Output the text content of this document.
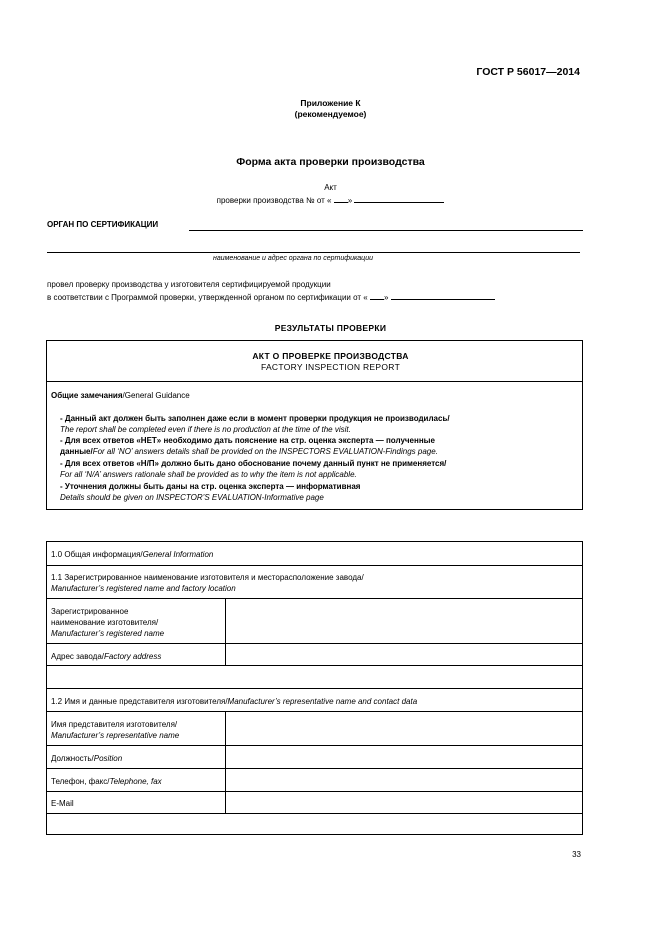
ГОСТ Р 56017—2014
Приложение К
(рекомендуемое)
Форма акта проверки производства
Акт
проверки производства № от « »
ОРГАН ПО СЕРТИФИКАЦИИ
наименование и адрес органа по сертификации
провел проверку производства у изготовителя сертифицируемой продукции
в соответствии с Программой проверки, утвержденной органом по сертификации от « »
РЕЗУЛЬТАТЫ ПРОВЕРКИ
АКТ О ПРОВЕРКЕ ПРОИЗВОДСТВА
FACTORY INSPECTION REPORT
Общие замечания/General Guidance
- Данный акт должен быть заполнен даже если в момент проверки продукция не производилась/
The report shall be completed even if there is no production at the time of the visit.
- Для всех ответов «НЕТ» необходимо дать пояснение на стр. оценка эксперта — полученные
данные/For all ‘NO’ answers details shall be provided on the INSPECTORS EVALUATION-Findings page.
- Для всех ответов «Н/П» должно быть дано обоснование почему данный пункт не применяется/
For all ‘N/A’ answers rationale shall be provided as to why the item is not applicable.
- Уточнения должны быть даны на стр. оценка эксперта — информативная
Details should be given on INSPECTOR’S EVALUATION-Informative page
1.0 Общая информация/General Information
1.1 Зарегистрированное наименование изготовителя и месторасположение завода/
Manufacturer’s registered name and factory location
Зарегистрированное
наименование изготовителя/
Manufacturer’s registered name
Адрес завода/Factory address
1.2 Имя и данные представителя изготовителя/Manufacturer’s representative name and contact data
Имя представителя изготовителя/
Manufacturer’s representative name
Должность/Position
Телефон, факс/Telephone, fax
E-Mail
33
